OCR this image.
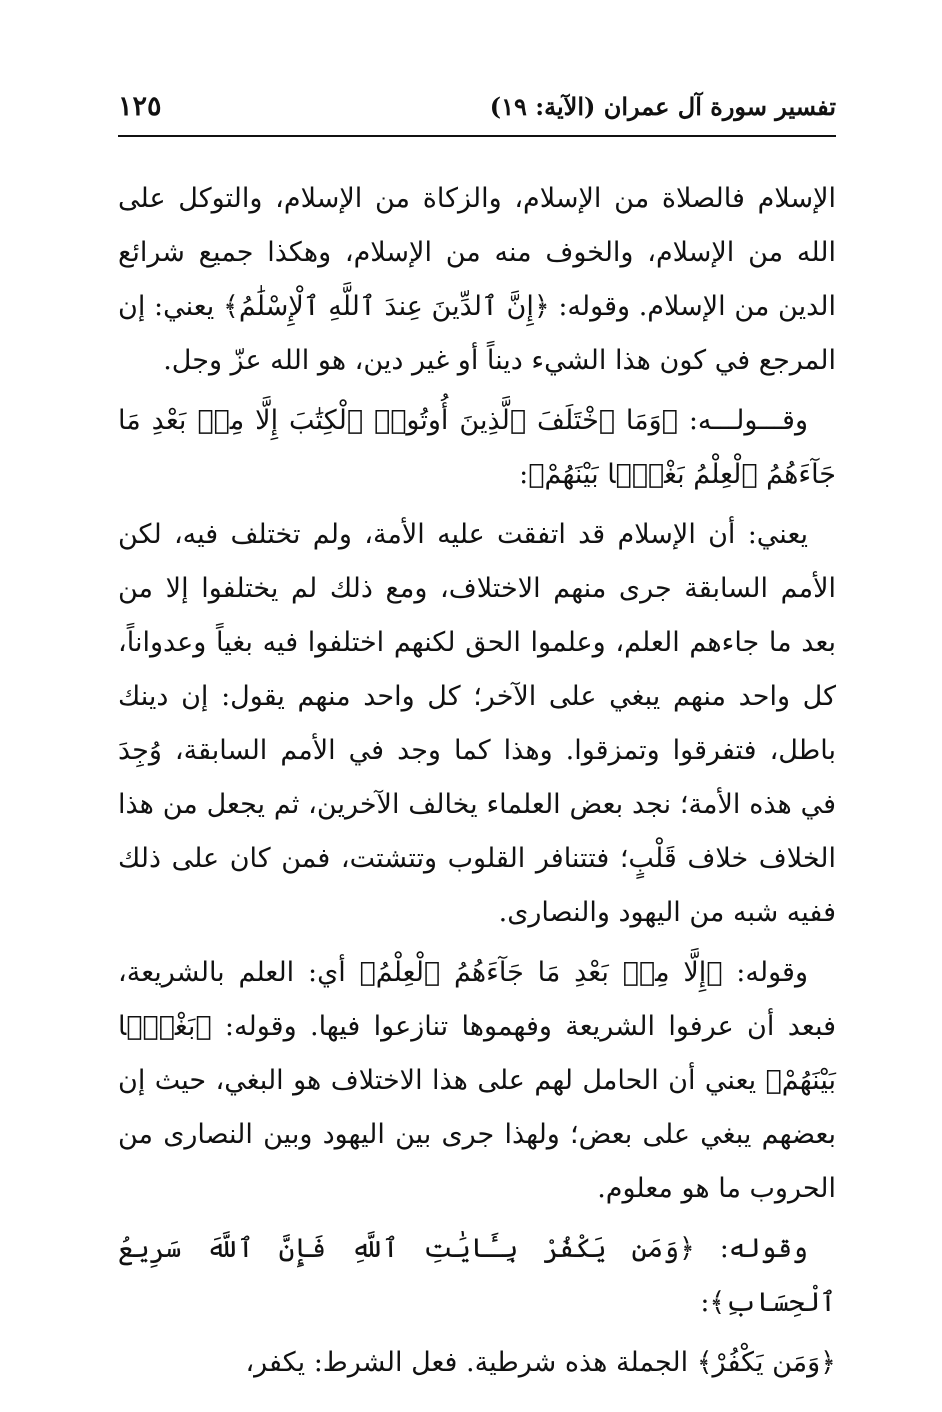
تفسير سورة آل عمران (الآية: ١٩)
١٢٥

الإسلام فالصلاة من الإسلام، والزكاة من الإسلام، والتوكل على الله من الإسلام، والخوف منه من الإسلام، وهكذا جميع شرائع الدين من الإسلام. وقوله: ﴿إِنَّ ٱلدِّينَ عِندَ ٱللَّهِ ٱلْإِسْلَٰمُ﴾ يعني: إن المرجع في كون هذا الشيء ديناً أو غير دين، هو الله عزّ وجل.

وقـــولـــه: ﴿وَمَا ٱخْتَلَفَ ٱلَّذِينَ أُوتُوا۟ ٱلْكِتَٰبَ إِلَّا مِنۢ بَعْدِ مَا جَآءَهُمُ ٱلْعِلْمُ بَغْيًۢا بَيْنَهُمْ﴾:

يعني: أن الإسلام قد اتفقت عليه الأمة، ولم تختلف فيه، لكن الأمم السابقة جرى منهم الاختلاف، ومع ذلك لم يختلفوا إلا من بعد ما جاءهم العلم، وعلموا الحق لكنهم اختلفوا فيه بغياً وعدواناً، كل واحد منهم يبغي على الآخر؛ كل واحد منهم يقول: إن دينك باطل، فتفرقوا وتمزقوا. وهذا كما وجد في الأمم السابقة، وُجِدَ في هذه الأمة؛ نجد بعض العلماء يخالف الآخرين، ثم يجعل من هذا الخلاف خلاف قَلْبٍ؛ فتتنافر القلوب وتتشتت، فمن كان على ذلك ففيه شبه من اليهود والنصارى.

وقوله: ﴿إِلَّا مِنۢ بَعْدِ مَا جَآءَهُمُ ٱلْعِلْمُ﴾ أي: العلم بالشريعة، فبعد أن عرفوا الشريعة وفهموها تنازعوا فيها. وقوله: ﴿بَغْيًۢا بَيْنَهُمْ﴾ يعني أن الحامل لهم على هذا الاختلاف هو البغي، حيث إن بعضهم يبغي على بعض؛ ولهذا جرى بين اليهود وبين النصارى من الحروب ما هو معلوم.

وقوله: ﴿وَمَن يَكْفُرْ بِـَٔايَٰتِ ٱللَّهِ فَإِنَّ ٱللَّهَ سَرِيعُ ٱلْحِسَابِ﴾:

﴿وَمَن يَكْفُرْ﴾ الجملة هذه شرطية. فعل الشرط: يكفر،
